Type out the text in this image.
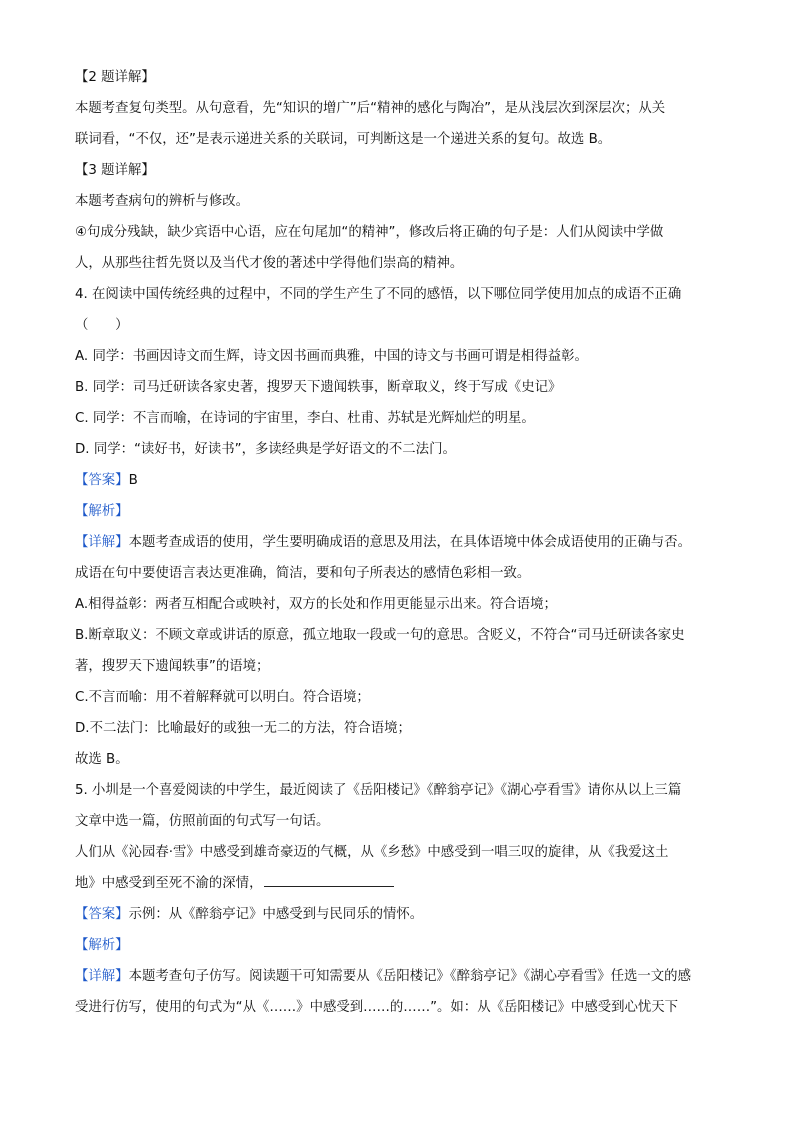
【2 题详解】
本题考查复句类型。从句意看，先“知识的增广”后“精神的感化与陶冶”，是从浅层次到深层次；从关
联词看，“不仅，还”是表示递进关系的关联词，可判断这是一个递进关系的复句。故选 B。
【3 题详解】
本题考查病句的辨析与修改。
④句成分残缺，缺少宾语中心语，应在句尾加“的精神”，修改后将正确的句子是：人们从阅读中学做
人，从那些往哲先贤以及当代才俊的著述中学得他们崇高的精神。
4. 在阅读中国传统经典的过程中，不同的学生产生了不同的感悟，以下哪位同学使用加点的成语不正确
（　　）
A. 同学：书画因诗文而生辉，诗文因书画而典雅，中国的诗文与书画可谓是相得益彰。
B. 同学：司马迁研读各家史著，搜罗天下遗闻轶事，断章取义，终于写成《史记》
C. 同学：不言而喻，在诗词的宇宙里，李白、杜甫、苏轼是光辉灿烂的明星。
D. 同学：“读好书，好读书”，多读经典是学好语文的不二法门。
【答案】B
【解析】
【详解】本题考查成语的使用，学生要明确成语的意思及用法，在具体语境中体会成语使用的正确与否。
成语在句中要使语言表达更准确，简洁，要和句子所表达的感情色彩相一致。
A.相得益彰：两者互相配合或映衬，双方的长处和作用更能显示出来。符合语境；
B.断章取义：不顾文章或讲话的原意，孤立地取一段或一句的意思。含贬义，不符合“司马迁研读各家史
著，搜罗天下遗闻轶事”的语境；
C.不言而喻：用不着解释就可以明白。符合语境；
D.不二法门：比喻最好的或独一无二的方法，符合语境；
故选 B。
5. 小圳是一个喜爱阅读的中学生，最近阅读了《岳阳楼记》《醉翁亭记》《湖心亭看雪》请你从以上三篇
文章中选一篇，仿照前面的句式写一句话。
人们从《沁园春·雪》中感受到雄奇豪迈的气概，从《乡愁》中感受到一唱三叹的旋律，从《我爱这土
地》中感受到至死不渝的深情，
【答案】示例：从《醉翁亭记》中感受到与民同乐的情怀。
【解析】
【详解】本题考查句子仿写。阅读题干可知需要从《岳阳楼记》《醉翁亭记》《湖心亭看雪》任选一文的感
受进行仿写，使用的句式为“从《……》中感受到……的……”。如：从《岳阳楼记》中感受到心忧天下
